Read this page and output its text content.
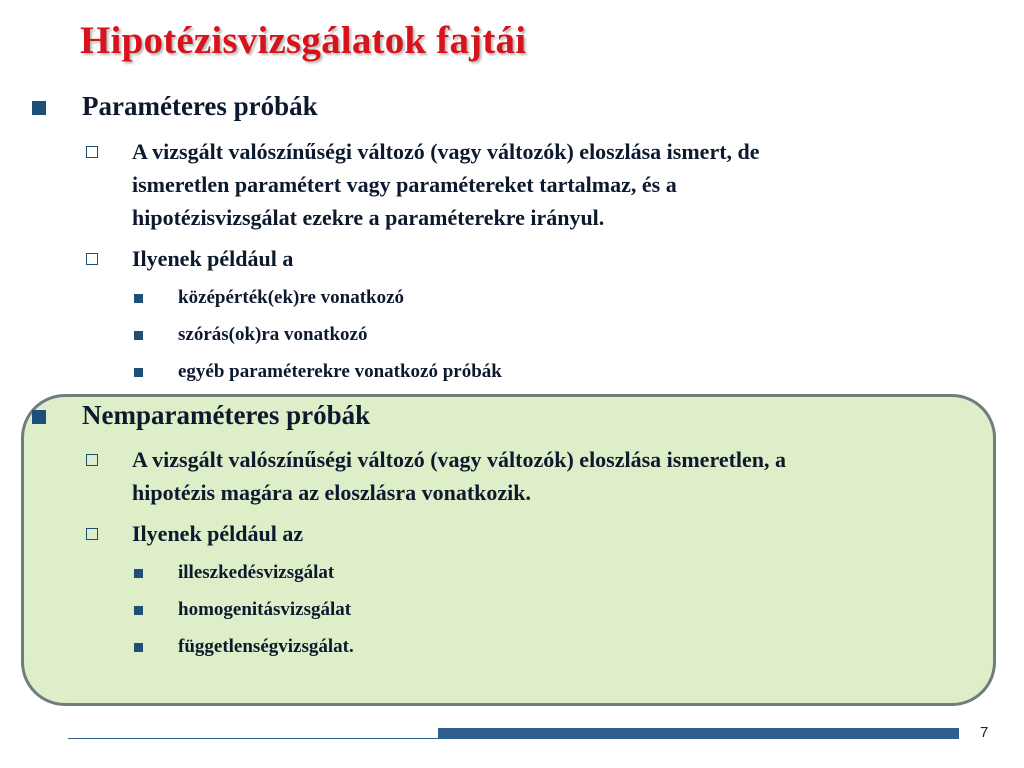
Hipotézisvizsgálatok fajtái
Paraméteres próbák
A vizsgált valószínűségi változó (vagy változók) eloszlása ismert, de
ismeretlen paramétert vagy paramétereket tartalmaz, és a
hipotézisvizsgálat ezekre a paraméterekre irányul.
Ilyenek például a
középérték(ek)re vonatkozó
szórás(ok)ra vonatkozó
egyéb paraméterekre vonatkozó próbák
Nemparaméteres próbák
A vizsgált valószínűségi változó (vagy változók) eloszlása ismeretlen, a
hipotézis magára az eloszlásra vonatkozik.
Ilyenek például az
illeszkedésvizsgálat
homogenitásvizsgálat
függetlenségvizsgálat.
7
